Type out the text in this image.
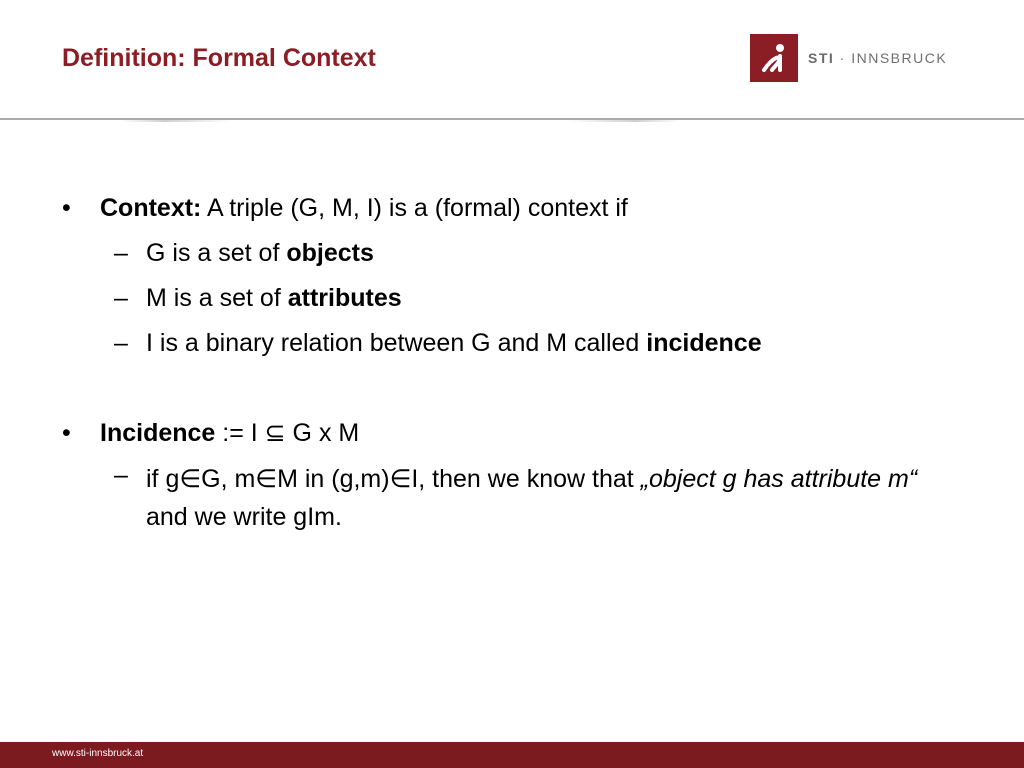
Definition: Formal Context	STI · INNSBRUCK

• Context: A triple (G, M, I) is a (formal) context if

– G is a set of objects

– M is a set of attributes

– I is a binary relation between G and M called incidence

• Incidence := I ⊆ G x M

– if g∈G, m∈M in (g,m)∈I, then we know that „object g has attribute m“ and we write gIm.

www.sti-innsbruck.at
